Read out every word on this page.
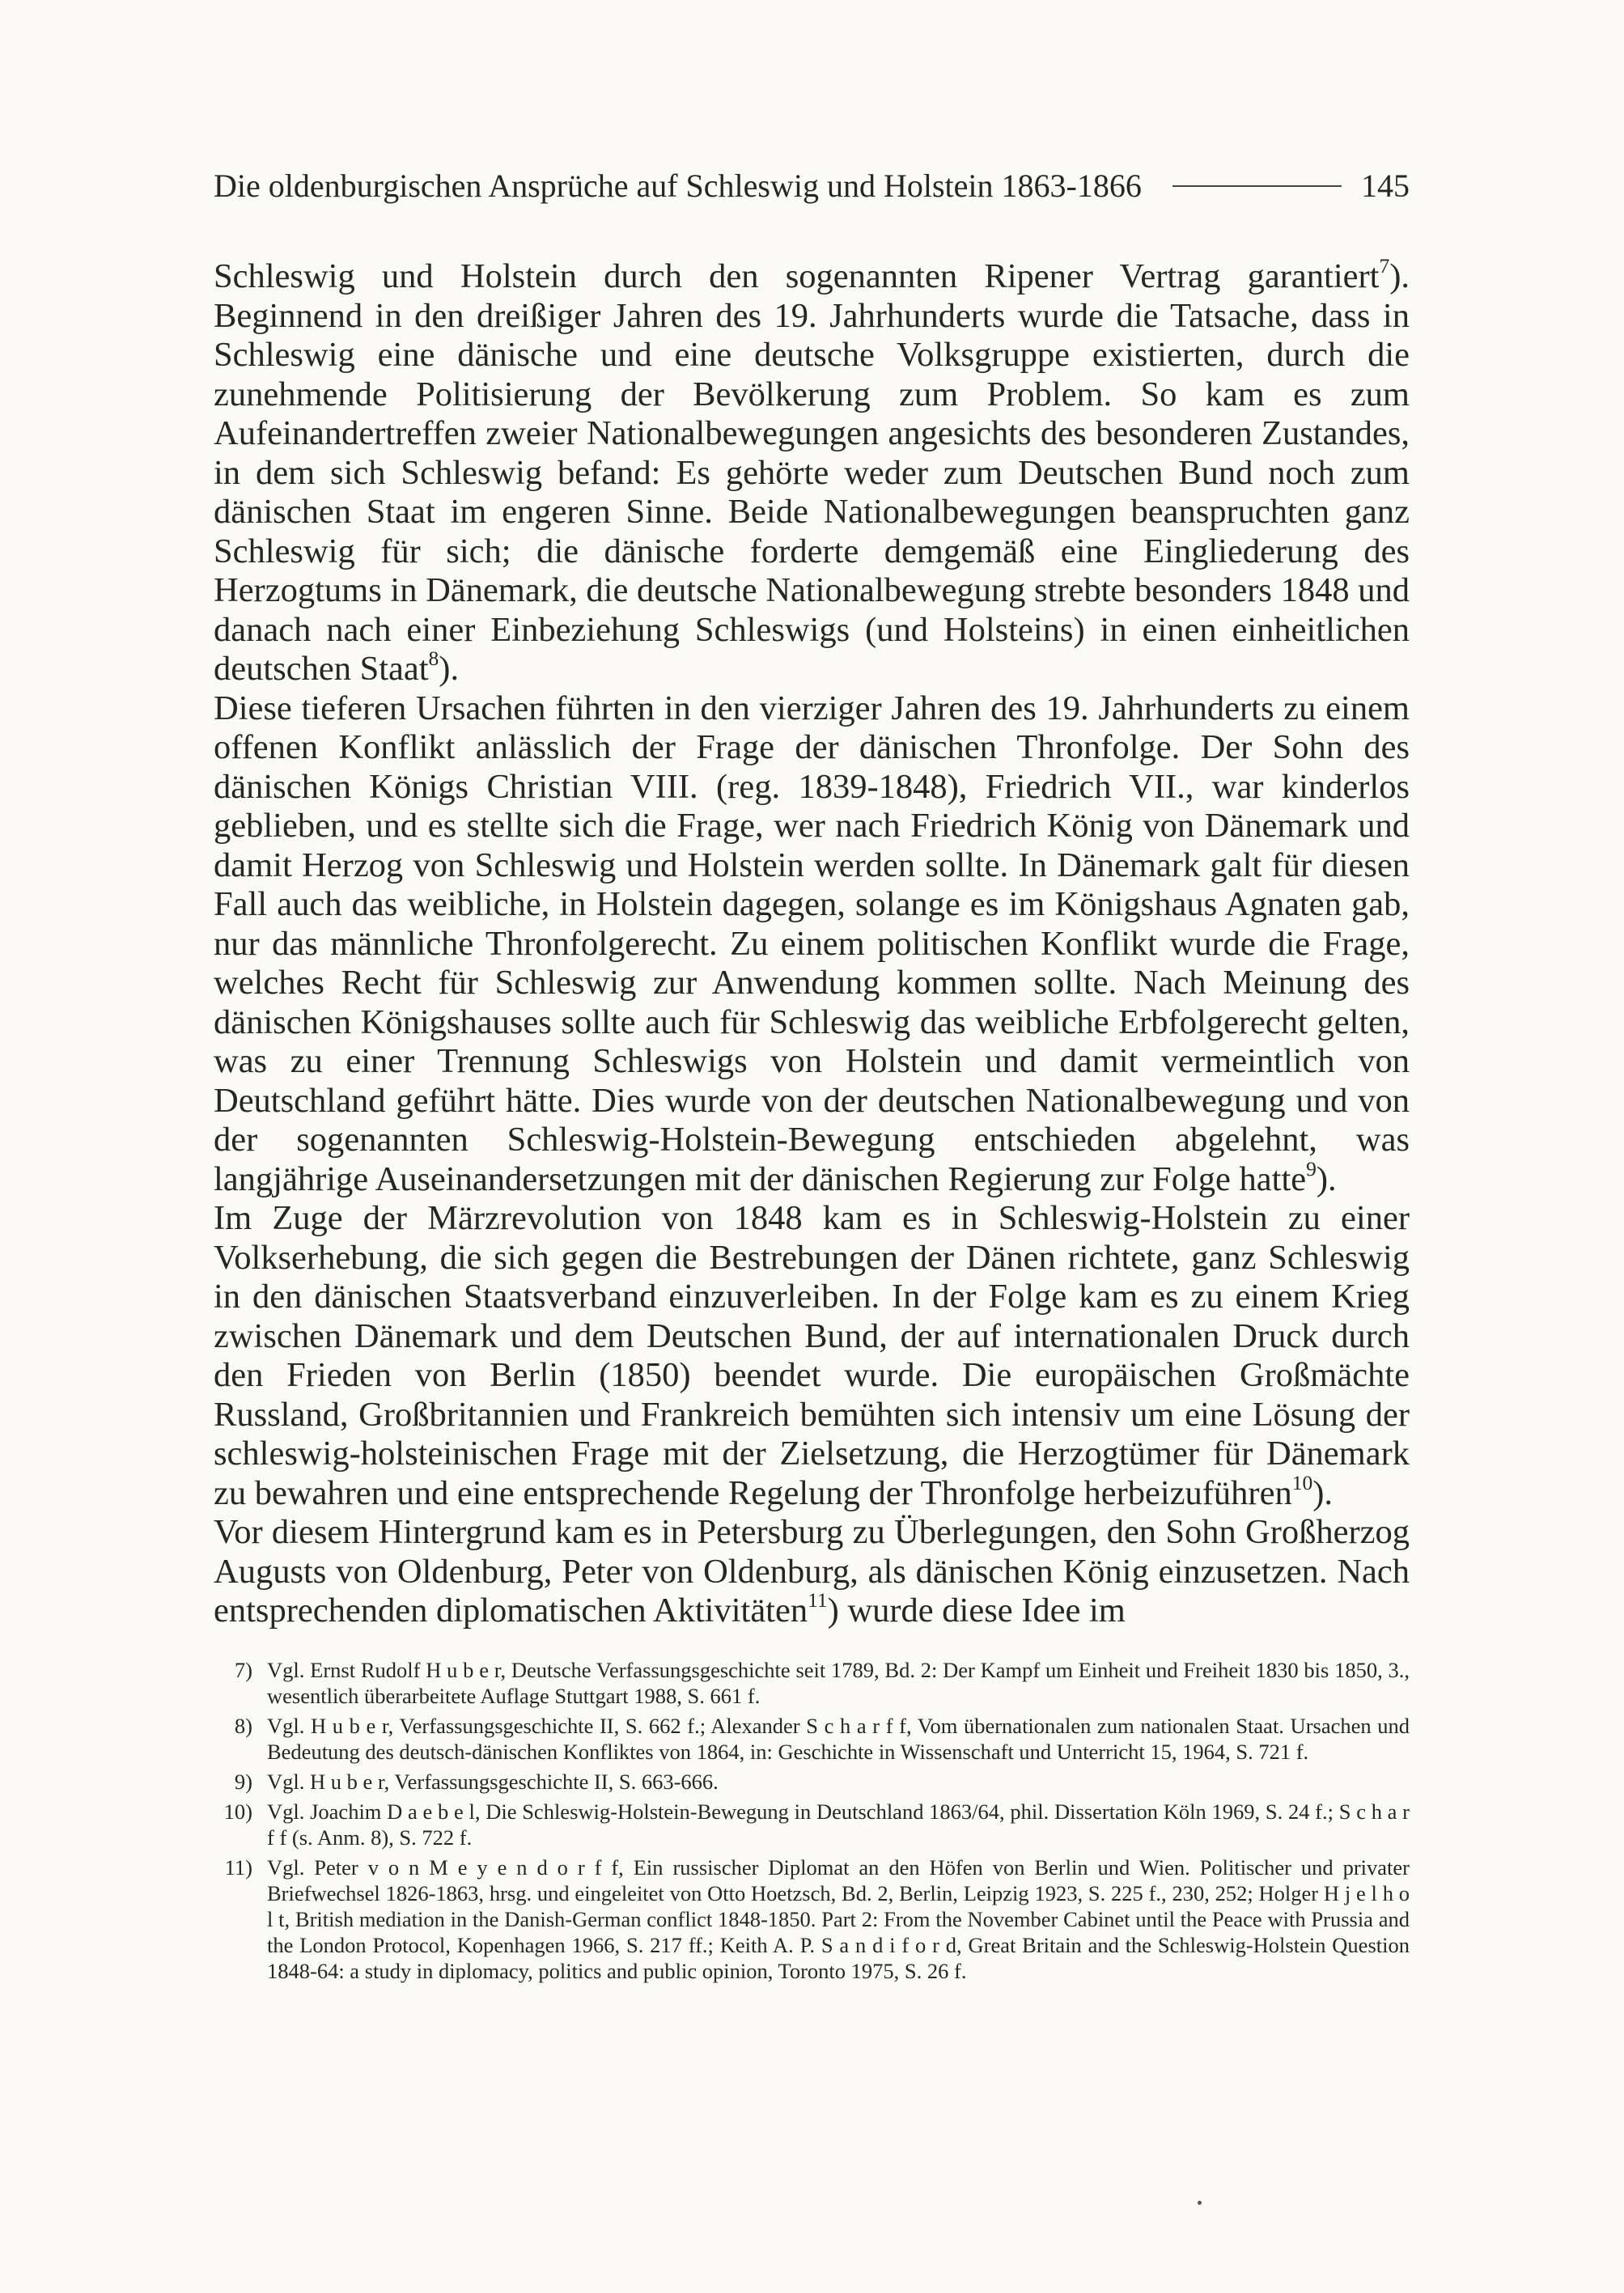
Die oldenburgischen Ansprüche auf Schleswig und Holstein 1863-1866	145

Schleswig und Holstein durch den sogenannten Ripener Vertrag garantiert$^7$). Beginnend in den dreißiger Jahren des 19. Jahrhunderts wurde die Tatsache, dass in Schleswig eine dänische und eine deutsche Volksgruppe existierten, durch die zunehmende Politisierung der Bevölkerung zum Problem. So kam es zum Aufeinandertreffen zweier Nationalbewegungen angesichts des besonderen Zustandes, in dem sich Schleswig befand: Es gehörte weder zum Deutschen Bund noch zum dänischen Staat im engeren Sinne. Beide Nationalbewegungen beanspruchten ganz Schleswig für sich; die dänische forderte demgemäß eine Eingliederung des Herzogtums in Dänemark, die deutsche Nationalbewegung strebte besonders 1848 und danach nach einer Einbeziehung Schleswigs (und Holsteins) in einen einheitlichen deutschen Staat$^8$).

Diese tieferen Ursachen führten in den vierziger Jahren des 19. Jahrhunderts zu einem offenen Konflikt anlässlich der Frage der dänischen Thronfolge. Der Sohn des dänischen Königs Christian VIII. (reg. 1839-1848), Friedrich VII., war kinderlos geblieben, und es stellte sich die Frage, wer nach Friedrich König von Dänemark und damit Herzog von Schleswig und Holstein werden sollte. In Dänemark galt für diesen Fall auch das weibliche, in Holstein dagegen, solange es im Königshaus Agnaten gab, nur das männliche Thronfolgerecht. Zu einem politischen Konflikt wurde die Frage, welches Recht für Schleswig zur Anwendung kommen sollte. Nach Meinung des dänischen Königshauses sollte auch für Schleswig das weibliche Erbfolgerecht gelten, was zu einer Trennung Schleswigs von Holstein und damit vermeintlich von Deutschland geführt hätte. Dies wurde von der deutschen Nationalbewegung und von der sogenannten Schleswig-Holstein-Bewegung entschieden abgelehnt, was langjährige Auseinandersetzungen mit der dänischen Regierung zur Folge hatte$^9$).

Im Zuge der Märzrevolution von 1848 kam es in Schleswig-Holstein zu einer Volkserhebung, die sich gegen die Bestrebungen der Dänen richtete, ganz Schleswig in den dänischen Staatsverband einzuverleiben. In der Folge kam es zu einem Krieg zwischen Dänemark und dem Deutschen Bund, der auf internationalen Druck durch den Frieden von Berlin (1850) beendet wurde. Die europäischen Großmächte Russland, Großbritannien und Frankreich bemühten sich intensiv um eine Lösung der schleswig-holsteinischen Frage mit der Zielsetzung, die Herzogtümer für Dänemark zu bewahren und eine entsprechende Regelung der Thronfolge herbeizuführen$^{10}$).

Vor diesem Hintergrund kam es in Petersburg zu Überlegungen, den Sohn Großherzog Augusts von Oldenburg, Peter von Oldenburg, als dänischen König einzusetzen. Nach entsprechenden diplomatischen Aktivitäten$^{11}$) wurde diese Idee im

7) Vgl. Ernst Rudolf H u b e r, Deutsche Verfassungsgeschichte seit 1789, Bd. 2: Der Kampf um Einheit und Freiheit 1830 bis 1850, 3., wesentlich überarbeitete Auflage Stuttgart 1988, S. 661 f.
8) Vgl. H u b e r, Verfassungsgeschichte II, S. 662 f.; Alexander S c h a r f f, Vom übernationalen zum nationalen Staat. Ursachen und Bedeutung des deutsch-dänischen Konfliktes von 1864, in: Geschichte in Wissenschaft und Unterricht 15, 1964, S. 721 f.
9) Vgl. H u b e r, Verfassungsgeschichte II, S. 663-666.
10) Vgl. Joachim D a e b e l, Die Schleswig-Holstein-Bewegung in Deutschland 1863/64, phil. Dissertation Köln 1969, S. 24 f.; S c h a r f f (s. Anm. 8), S. 722 f.
11) Vgl. Peter v o n M e y e n d o r f f, Ein russischer Diplomat an den Höfen von Berlin und Wien. Politischer und privater Briefwechsel 1826-1863, hrsg. und eingeleitet von Otto Hoetzsch, Bd. 2, Berlin, Leipzig 1923, S. 225 f., 230, 252; Holger H j e l h o l t, British mediation in the Danish-German conflict 1848-1850. Part 2: From the November Cabinet until the Peace with Prussia and the London Protocol, Kopenhagen 1966, S. 217 ff.; Keith A. P. S a n d i f o r d, Great Britain and the Schleswig-Holstein Question 1848-64: a study in diplomacy, politics and public opinion, Toronto 1975, S. 26 f.
